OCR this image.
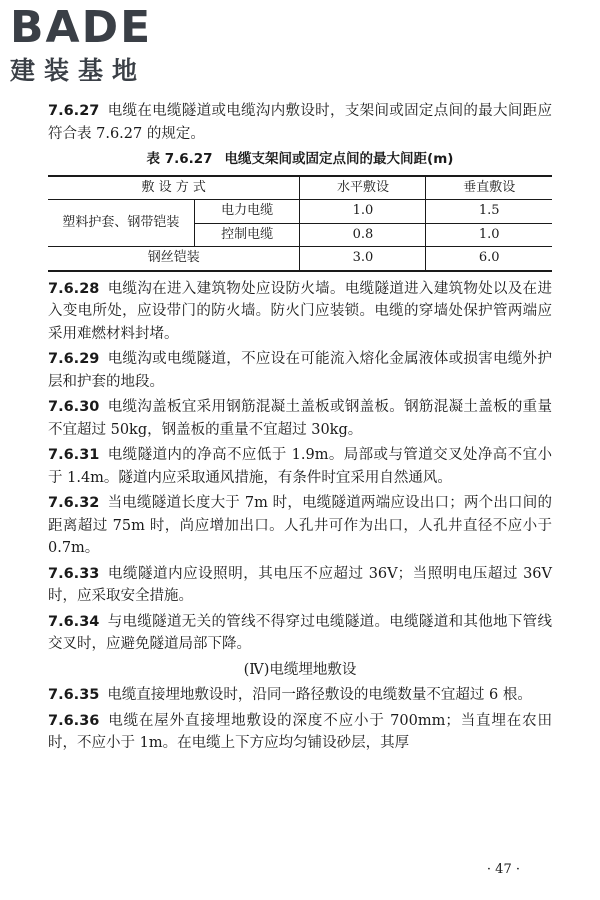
BADE
建装基地

7.6.27 电缆在电缆隧道或电缆沟内敷设时，支架间或固定点间的最大间距应符合表 7.6.27 的规定。

表 7.6.27 电缆支架间或固定点间的最大间距(m)
敷 设 方 式		水平敷设	垂直敷设
塑料护套、钢带铠装	电力电缆	1.0	1.5
	控制电缆	0.8	1.0
钢丝铠装		3.0	6.0

7.6.28 电缆沟在进入建筑物处应设防火墙。电缆隧道进入建筑物处以及在进入变电所处，应设带门的防火墙。防火门应装锁。电缆的穿墙处保护管两端应采用难燃材料封堵。

7.6.29 电缆沟或电缆隧道，不应设在可能流入熔化金属液体或损害电缆外护层和护套的地段。

7.6.30 电缆沟盖板宜采用钢筋混凝土盖板或钢盖板。钢筋混凝土盖板的重量不宜超过 50kg，钢盖板的重量不宜超过 30kg。

7.6.31 电缆隧道内的净高不应低于 1.9m。局部或与管道交叉处净高不宜小于 1.4m。隧道内应采取通风措施，有条件时宜采用自然通风。

7.6.32 当电缆隧道长度大于 7m 时，电缆隧道两端应设出口；两个出口间的距离超过 75m 时，尚应增加出口。人孔井可作为出口，人孔井直径不应小于 0.7m。

7.6.33 电缆隧道内应设照明，其电压不应超过 36V；当照明电压超过 36V 时，应采取安全措施。

7.6.34 与电缆隧道无关的管线不得穿过电缆隧道。电缆隧道和其他地下管线交叉时，应避免隧道局部下降。

(Ⅳ)电缆埋地敷设

7.6.35 电缆直接埋地敷设时，沿同一路径敷设的电缆数量不宜超过 6 根。

7.6.36 电缆在屋外直接埋地敷设的深度不应小于 700mm；当直埋在农田时，不应小于 1m。在电缆上下方应均匀铺设砂层，其厚

· 47 ·
